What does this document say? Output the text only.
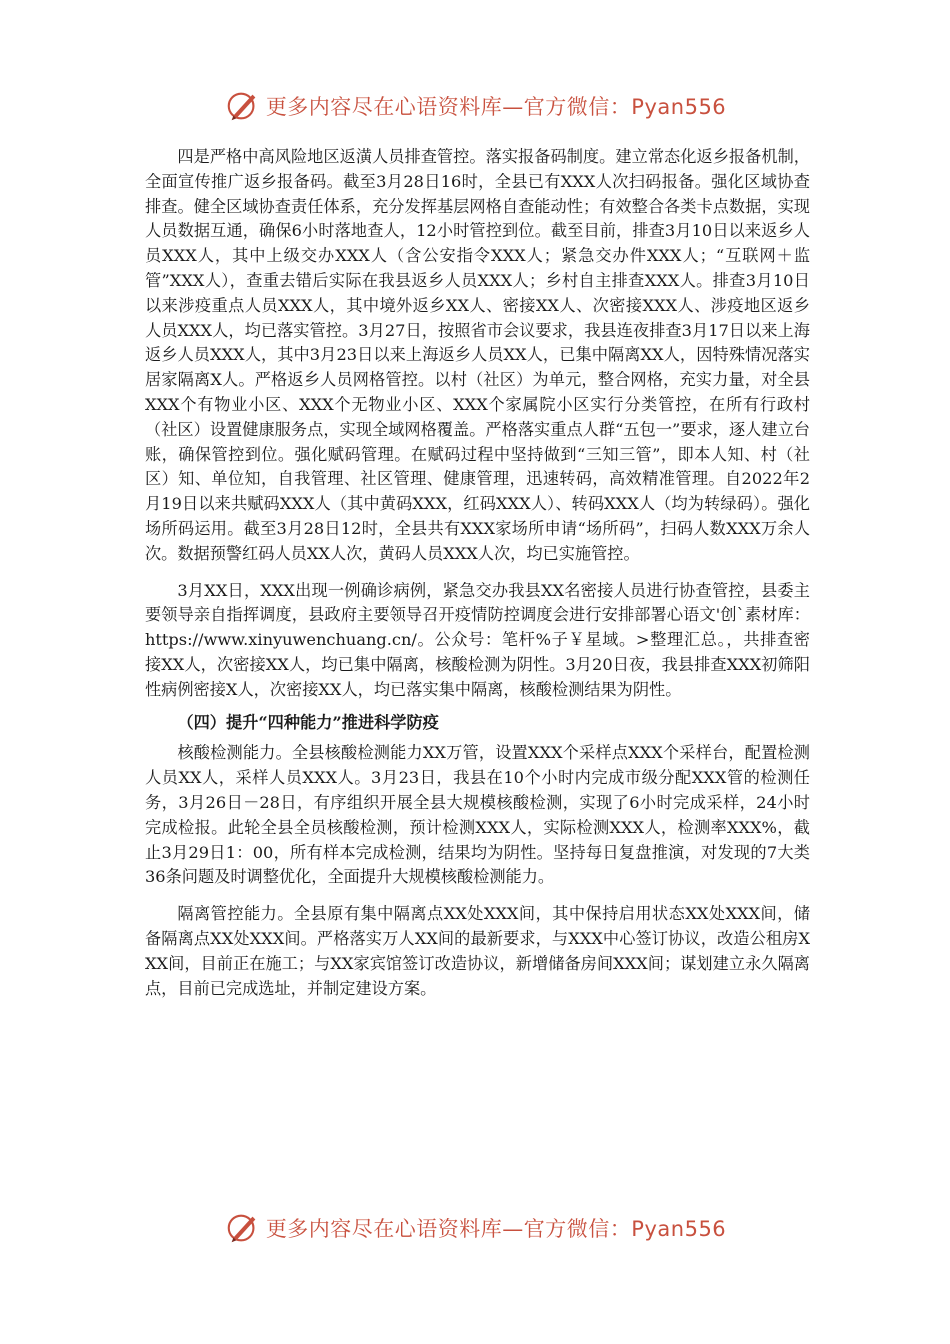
更多内容尽在心语资料库—官方微信：Pyan556

四是严格中高风险地区返潢人员排查管控。落实报备码制度。建立常态化返乡报备机制，全面宣传推广返乡报备码。截至3月28日16时，全县已有XXX人次扫码报备。强化区域协查排查。健全区域协查责任体系，充分发挥基层网格自查能动性；有效整合各类卡点数据，实现人员数据互通，确保6小时落地查人，12小时管控到位。截至目前，排查3月10日以来返乡人员XXX人，其中上级交办XXX人（含公安指令XXX人；紧急交办件XXX人；“互联网＋监管”XXX人），查重去错后实际在我县返乡人员XXX人；乡村自主排查XXX人。排查3月10日以来涉疫重点人员XXX人，其中境外返乡XX人、密接XX人、次密接XXX人、涉疫地区返乡人员XXX人，均已落实管控。3月27日，按照省市会议要求，我县连夜排查3月17日以来上海返乡人员XXX人，其中3月23日以来上海返乡人员XX人，已集中隔离XX人，因特殊情况落实居家隔离X人。严格返乡人员网格管控。以村（社区）为单元，整合网格，充实力量，对全县XXX个有物业小区、XXX个无物业小区、XXX个家属院小区实行分类管控，在所有行政村（社区）设置健康服务点，实现全域网格覆盖。严格落实重点人群“五包一”要求，逐人建立台账，确保管控到位。强化赋码管理。在赋码过程中坚持做到“三知三管”，即本人知、村（社区）知、单位知，自我管理、社区管理、健康管理，迅速转码，高效精准管理。自2022年2月19日以来共赋码XXX人（其中黄码XXX，红码XXX人）、转码XXX人（均为转绿码）。强化场所码运用。截至3月28日12时，全县共有XXX家场所申请“场所码”，扫码人数XXX万余人次。数据预警红码人员XX人次，黄码人员XXX人次，均已实施管控。

3月XX日，XXX出现一例确诊病例，紧急交办我县XX名密接人员进行协查管控，县委主要领导亲自指挥调度，县政府主要领导召开疫情防控调度会进行安排部署心语文'创`素材库：https://www.xinyuwenchuang.cn/。公众号：笔杆%子￥星域。>整理汇总。，共排查密接XX人，次密接XX人，均已集中隔离，核酸检测为阴性。3月20日夜，我县排查XXX初筛阳性病例密接X人，次密接XX人，均已落实集中隔离，核酸检测结果为阴性。

（四）提升“四种能力”推进科学防疫

核酸检测能力。全县核酸检测能力XX万管，设置XXX个采样点XXX个采样台，配置检测人员XX人，采样人员XXX人。3月23日，我县在10个小时内完成市级分配XXX管的检测任务，3月26日－28日，有序组织开展全县大规模核酸检测，实现了6小时完成采样，24小时完成检报。此轮全县全员核酸检测，预计检测XXX人，实际检测XXX人，检测率XXX%，截止3月29日1：00，所有样本完成检测，结果均为阴性。坚持每日复盘推演，对发现的7大类36条问题及时调整优化，全面提升大规模核酸检测能力。

隔离管控能力。全县原有集中隔离点XX处XXX间，其中保持启用状态XX处XXX间，储备隔离点XX处XXX间。严格落实万人XX间的最新要求，与XXX中心签订协议，改造公租房XXX间，目前正在施工；与XX家宾馆签订改造协议，新增储备房间XXX间；谋划建立永久隔离点，目前已完成选址，并制定建设方案。

更多内容尽在心语资料库—官方微信：Pyan556
